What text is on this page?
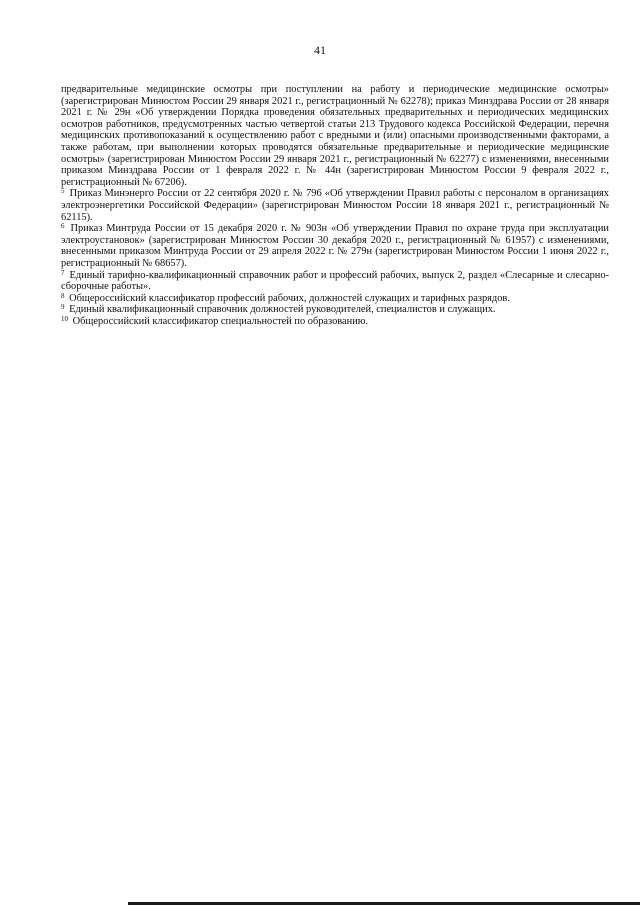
41

предварительные медицинские осмотры при поступлении на работу и периодические медицинские осмотры» (зарегистрирован Минюстом России 29 января 2021 г., регистрационный № 62278); приказ Минздрава России от 28 января 2021 г. № 29н «Об утверждении Порядка проведения обязательных предварительных и периодических медицинских осмотров работников, предусмотренных частью четвертой статьи 213 Трудового кодекса Российской Федерации, перечня медицинских противопоказаний к осуществлению работ с вредными и (или) опасными производственными факторами, а также работам, при выполнении которых проводятся обязательные предварительные и периодические медицинские осмотры» (зарегистрирован Минюстом России 29 января 2021 г., регистрационный № 62277) с изменениями, внесенными приказом Минздрава России от 1 февраля 2022 г. № 44н (зарегистрирован Минюстом России 9 февраля 2022 г., регистрационный № 67206).

$^5$ Приказ Минэнерго России от 22 сентября 2020 г. № 796 «Об утверждении Правил работы с персоналом в организациях электроэнергетики Российской Федерации» (зарегистрирован Минюстом России 18 января 2021 г., регистрационный № 62115).

$^6$ Приказ Минтруда России от 15 декабря 2020 г. № 903н «Об утверждении Правил по охране труда при эксплуатации электроустановок» (зарегистрирован Минюстом России 30 декабря 2020 г., регистрационный № 61957) с изменениями, внесенными приказом Минтруда России от 29 апреля 2022 г. № 279н (зарегистрирован Минюстом России 1 июня 2022 г., регистрационный № 68657).

$^7$ Единый тарифно-квалификационный справочник работ и профессий рабочих, выпуск 2, раздел «Слесарные и слесарно-сборочные работы».

$^8$ Общероссийский классификатор профессий рабочих, должностей служащих и тарифных разрядов.

$^9$ Единый квалификационный справочник должностей руководителей, специалистов и служащих.

$^{10}$ Общероссийский классификатор специальностей по образованию.
